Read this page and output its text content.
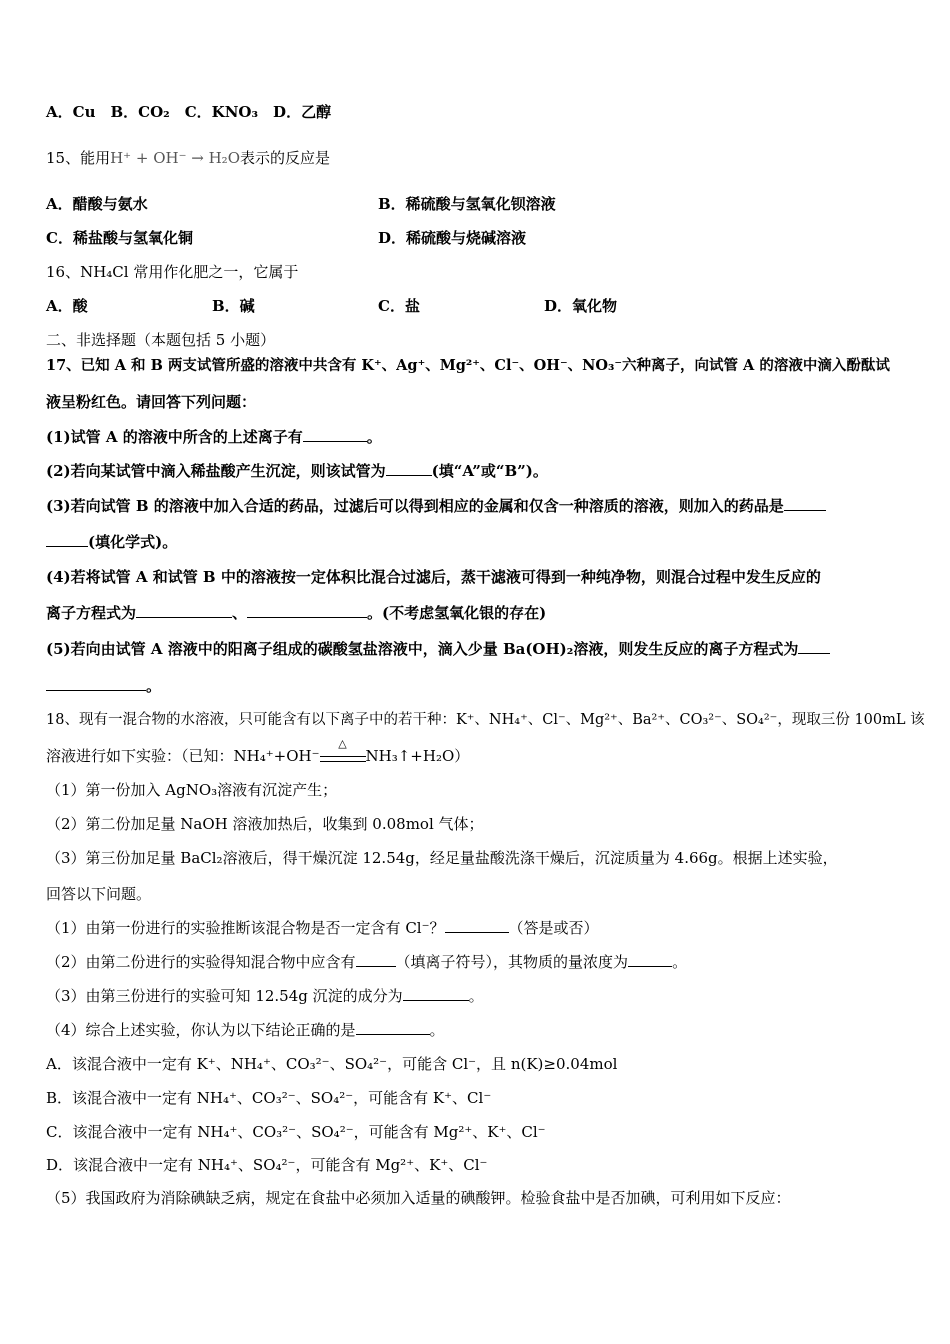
A．Cu　B．CO₂　C．KNO₃　D．乙醇
15、能用H⁺ + OH⁻ → H₂O表示的反应是
A．醋酸与氨水	B．稀硫酸与氢氧化钡溶液
C．稀盐酸与氢氧化铜	D．稀硫酸与烧碱溶液
16、NH₄Cl 常用作化肥之一，它属于
A．酸	B．碱	C．盐	D．氧化物
二、非选择题（本题包括 5 小题）
17、已知 A 和 B 两支试管所盛的溶液中共含有 K⁺、Ag⁺、Mg²⁺、Cl⁻、OH⁻、NO₃⁻六种离子，向试管 A 的溶液中滴入酚酞试
液呈粉红色。请回答下列问题：
(1)试管 A 的溶液中所含的上述离子有	。
(2)若向某试管中滴入稀盐酸产生沉淀，则该试管为	(填“A”或“B”)。
(3)若向试管 B 的溶液中加入合适的药品，过滤后可以得到相应的金属和仅含一种溶质的溶液，则加入的药品是
(填化学式)。
(4)若将试管 A 和试管 B 中的溶液按一定体积比混合过滤后，蒸干滤液可得到一种纯净物，则混合过程中发生反应的
离子方程式为	、	。(不考虑氢氧化银的存在)
(5)若向由试管 A 溶液中的阳离子组成的碳酸氢盐溶液中，滴入少量 Ba(OH)₂溶液，则发生反应的离子方程式为
。
18、现有一混合物的水溶液，只可能含有以下离子中的若干种：K⁺、NH₄⁺、Cl⁻、Mg²⁺、Ba²⁺、CO₃²⁻、SO₄²⁻，现取三份 100mL 该
溶液进行如下实验：（已知：NH₄⁺+OH⁻
△
NH₃↑+H₂O）
（1）第一份加入 AgNO₃溶液有沉淀产生；
（2）第二份加足量 NaOH 溶液加热后，收集到 0.08mol 气体；
（3）第三份加足量 BaCl₂溶液后，得干燥沉淀 12.54g，经足量盐酸洗涤干燥后，沉淀质量为 4.66g。根据上述实验，
回答以下问题。
（1）由第一份进行的实验推断该混合物是否一定含有 Cl⁻？	（答是或否）
（2）由第二份进行的实验得知混合物中应含有	（填离子符号），其物质的量浓度为	。
（3）由第三份进行的实验可知 12.54g 沉淀的成分为	。
（4）综合上述实验，你认为以下结论正确的是	。
A．该混合液中一定有 K⁺、NH₄⁺、CO₃²⁻、SO₄²⁻，可能含 Cl⁻，且 n(K)≥0.04mol
B．该混合液中一定有 NH₄⁺、CO₃²⁻、SO₄²⁻，可能含有 K⁺、Cl⁻
C．该混合液中一定有 NH₄⁺、CO₃²⁻、SO₄²⁻，可能含有 Mg²⁺、K⁺、Cl⁻
D．该混合液中一定有 NH₄⁺、SO₄²⁻，可能含有 Mg²⁺、K⁺、Cl⁻
（5）我国政府为消除碘缺乏病，规定在食盐中必须加入适量的碘酸钾。检验食盐中是否加碘，可利用如下反应：
